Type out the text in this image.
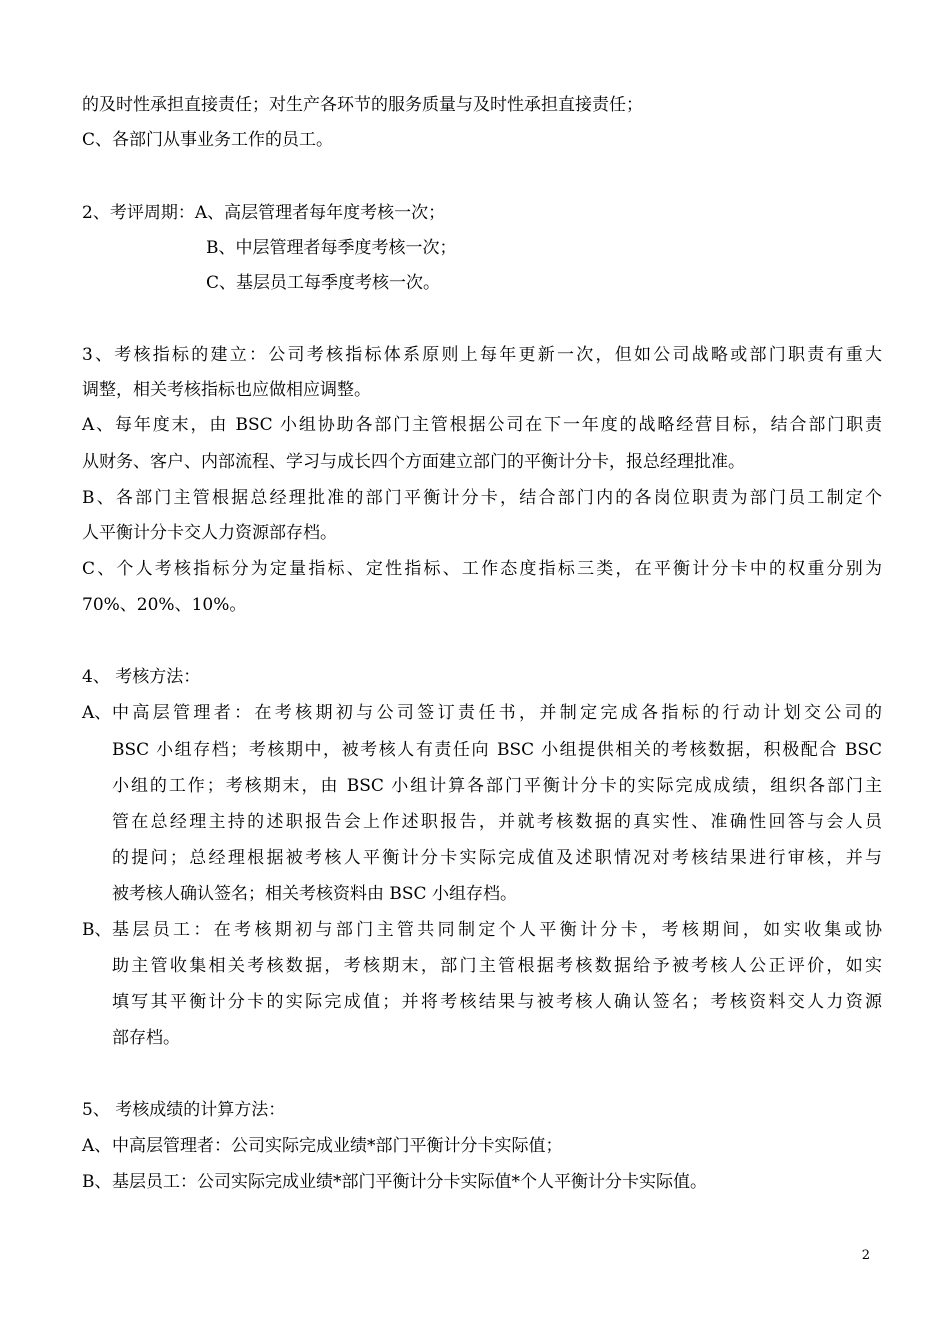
的及时性承担直接责任；对生产各环节的服务质量与及时性承担直接责任；
C、各部门从事业务工作的员工。
2、考评周期：A、高层管理者每年度考核一次；
B、中层管理者每季度考核一次；
C、基层员工每季度考核一次。
3、考核指标的建立：公司考核指标体系原则上每年更新一次，但如公司战略或部门职责有重大
调整，相关考核指标也应做相应调整。
A、每年度末，由 BSC 小组协助各部门主管根据公司在下一年度的战略经营目标，结合部门职责
从财务、客户、内部流程、学习与成长四个方面建立部门的平衡计分卡，报总经理批准。
B、各部门主管根据总经理批准的部门平衡计分卡，结合部门内的各岗位职责为部门员工制定个
人平衡计分卡交人力资源部存档。
C、个人考核指标分为定量指标、定性指标、工作态度指标三类，在平衡计分卡中的权重分别为
70%、20%、10%。
4、 考核方法：
A、 中高层管理者：在考核期初与公司签订责任书，并制定完成各指标的行动计划交公司的
BSC 小组存档；考核期中，被考核人有责任向 BSC 小组提供相关的考核数据，积极配合 BSC
小组的工作；考核期末，由 BSC 小组计算各部门平衡计分卡的实际完成成绩，组织各部门主
管在总经理主持的述职报告会上作述职报告，并就考核数据的真实性、准确性回答与会人员
的提问；总经理根据被考核人平衡计分卡实际完成值及述职情况对考核结果进行审核，并与
被考核人确认签名；相关考核资料由 BSC 小组存档。
B、 基层员工：在考核期初与部门主管共同制定个人平衡计分卡，考核期间，如实收集或协
助主管收集相关考核数据，考核期末，部门主管根据考核数据给予被考核人公正评价，如实
填写其平衡计分卡的实际完成值；并将考核结果与被考核人确认签名；考核资料交人力资源
部存档。
5、 考核成绩的计算方法：
A、 中高层管理者：公司实际完成业绩*部门平衡计分卡实际值；
B、 基层员工：公司实际完成业绩*部门平衡计分卡实际值*个人平衡计分卡实际值。
2
